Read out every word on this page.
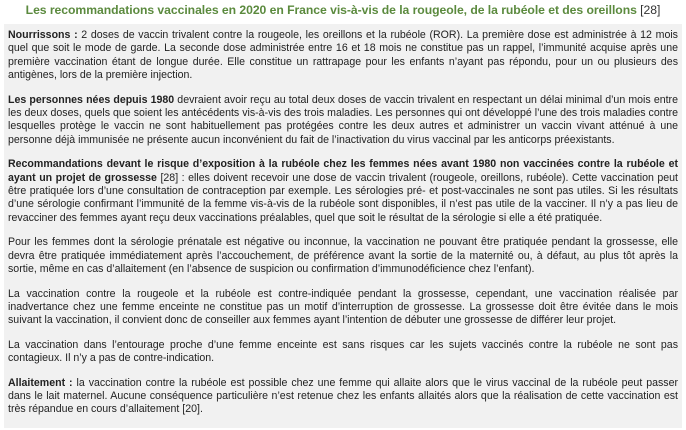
Les recommandations vaccinales en 2020 en France vis-à-vis de la rougeole, de la rubéole et des oreillons [28]

Nourrissons : 2 doses de vaccin trivalent contre la rougeole, les oreillons et la rubéole (ROR). La première dose est administrée à 12 mois quel que soit le mode de garde. La seconde dose administrée entre 16 et 18 mois ne constitue pas un rappel, l’immunité acquise après une première vaccination étant de longue durée. Elle constitue un rattrapage pour les enfants n’ayant pas répondu, pour un ou plusieurs des antigènes, lors de la première injection.

Les personnes nées depuis 1980 devraient avoir reçu au total deux doses de vaccin trivalent en respectant un délai minimal d’un mois entre les deux doses, quels que soient les antécédents vis-à-vis des trois maladies. Les personnes qui ont développé l’une des trois maladies contre lesquelles protège le vaccin ne sont habituellement pas protégées contre les deux autres et administrer un vaccin vivant atténué à une personne déjà immunisée ne présente aucun inconvénient du fait de l’inactivation du virus vaccinal par les anticorps préexistants.

Recommandations devant le risque d’exposition à la rubéole chez les femmes nées avant 1980 non vaccinées contre la rubéole et ayant un projet de grossesse [28] : elles doivent recevoir une dose de vaccin trivalent (rougeole, oreillons, rubéole). Cette vaccination peut être pratiquée lors d’une consultation de contraception par exemple. Les sérologies pré- et post-vaccinales ne sont pas utiles. Si les résultats d’une sérologie confirmant l’immunité de la femme vis-à-vis de la rubéole sont disponibles, il n’est pas utile de la vacciner. Il n’y a pas lieu de revacciner des femmes ayant reçu deux vaccinations préalables, quel que soit le résultat de la sérologie si elle a été pratiquée.

Pour les femmes dont la sérologie prénatale est négative ou inconnue, la vaccination ne pouvant être pratiquée pendant la grossesse, elle devra être pratiquée immédiatement après l’accouchement, de préférence avant la sortie de la maternité ou, à défaut, au plus tôt après la sortie, même en cas d’allaitement (en l’absence de suspicion ou confirmation d’immunodéficience chez l’enfant).

La vaccination contre la rougeole et la rubéole est contre-indiquée pendant la grossesse, cependant, une vaccination réalisée par inadvertance chez une femme enceinte ne constitue pas un motif d’interruption de grossesse. La grossesse doit être évitée dans le mois suivant la vaccination, il convient donc de conseiller aux femmes ayant l’intention de débuter une grossesse de différer leur projet.

La vaccination dans l’entourage proche d’une femme enceinte est sans risques car les sujets vaccinés contre la rubéole ne sont pas contagieux. Il n’y a pas de contre-indication.

Allaitement : la vaccination contre la rubéole est possible chez une femme qui allaite alors que le virus vaccinal de la rubéole peut passer dans le lait maternel. Aucune conséquence particulière n’est retenue chez les enfants allaités alors que la réalisation de cette vaccination est très répandue en cours d’allaitement [20].
